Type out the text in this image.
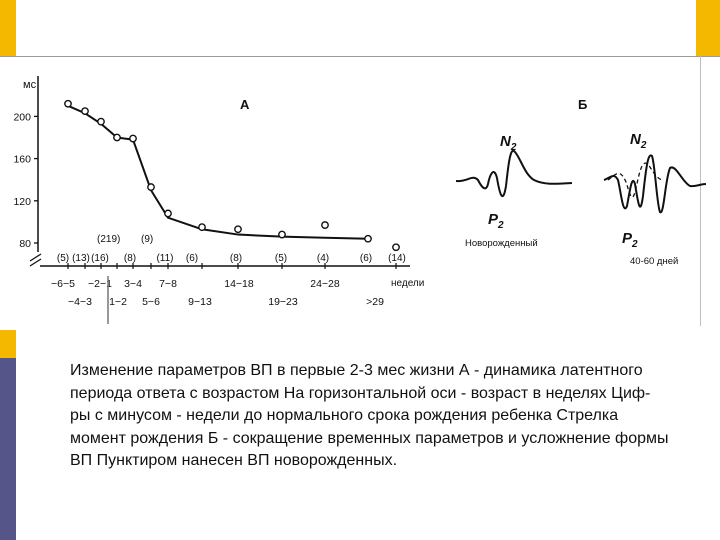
мс
80
120
160
200
А
(5) (13) (16) (8) (11) (6)	(8)	(5)	(4)	(6) (14)
(219) (9)
−6−5 −2−1 3−4 7−8	14−18	24−28
−4−3 1−2 5−6	9−13	19−23	>29
недели
Б
$N_2$
$P_2$
Новорожденный
$N_2$
$P_2$
40-60 дней
Изменение параметров ВП в первые 2-3 мес жизни А - динамика латентного периода ответа с возрастом На горизонтальной оси - возраст в неделях Циф-ры с минусом - недели до нормального срока рождения ребенка Стрелка момент рождения Б - сокращение временных параметров и усложнение формы ВП Пунктиром нанесен ВП новорожденных.
